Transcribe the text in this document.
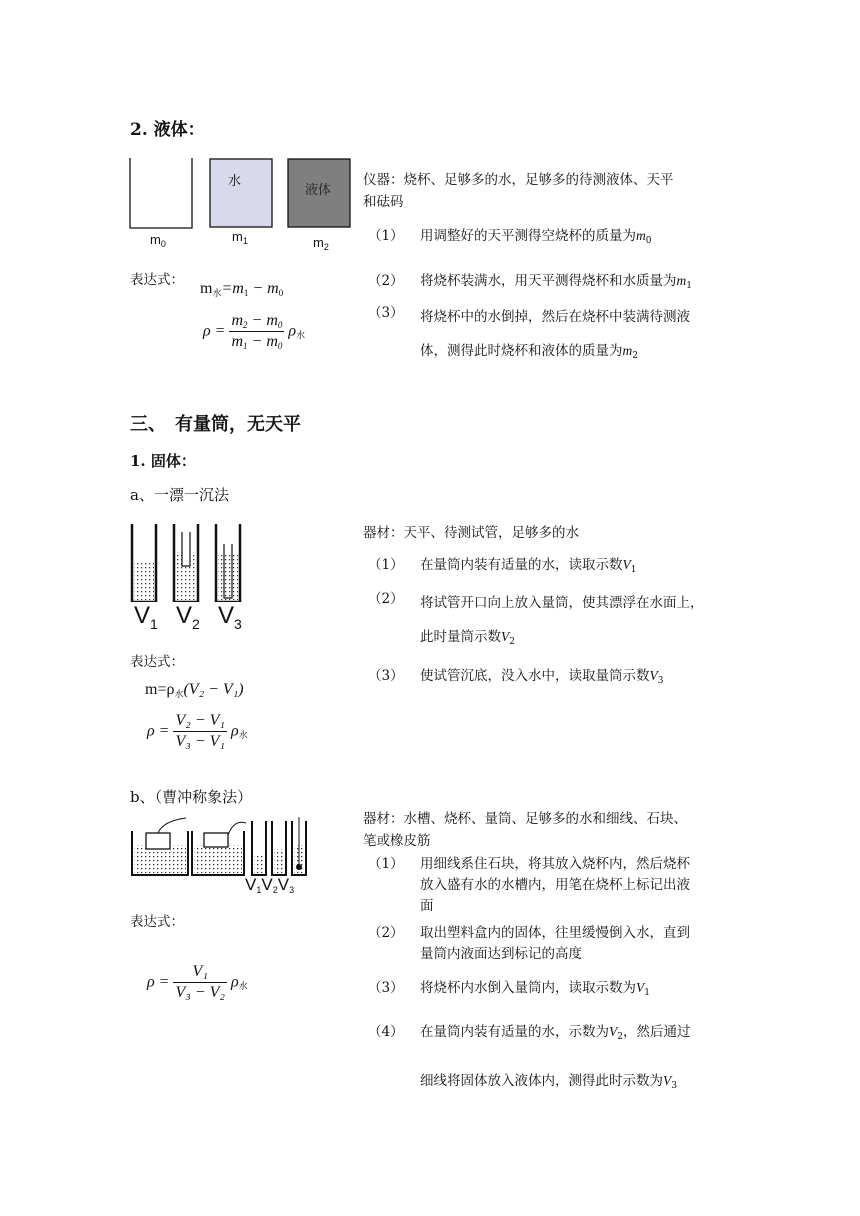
2. 液体：
水
液体
$m_0$	$m_1$	$m_2$
仪器：烧杯、足够多的水，足够多的待测液体、天平
和砝码
（1）	用调整好的天平测得空烧杯的质量为$m_0$
（2）	将烧杯装满水，用天平测得烧杯和水质量为$m_1$
（3）	将烧杯中的水倒掉，然后在烧杯中装满待测液
体，测得此时烧杯和液体的质量为$m_2$
表达式： $m_水=m_1 - m_0$
$\rho = \frac{m_2 - m_0}{m_1 - m_0} \rho_水$
三、　有量筒，无天平
1. 固体：
a、一漂一沉法
$V_1$ $V_2$ $V_3$
器材：天平、待测试管，足够多的水
（1）	在量筒内装有适量的水，读取示数$V_1$
（2）	将试管开口向上放入量筒，使其漂浮在水面上，
此时量筒示数$V_2$
（3）	使试管沉底，没入水中，读取量筒示数$V_3$
表达式：
$m=\rho_水(V_2 - V_1)$
$\rho = \frac{\text{V₂ − V₁}}{\text{V₃ − V₁}} \rho_水$
b、（曹冲称象法）
$V_1V_2V_3$
器材：水槽、烧杯、量筒、足够多的水和细线、石块、
笔或橡皮筋
（1） 用细线系住石块，将其放入烧杯内，然后烧杯
放入盛有水的水槽内，用笔在烧杯上标记出液
面
（2） 取出塑料盒内的固体，往里缓慢倒入水，直到
量筒内液面达到标记的高度
（3）	将烧杯内水倒入量筒内，读取示数为$V_1$
（4）	在量筒内装有适量的水，示数为$V_2$，然后通过
细线将固体放入液体内，测得此时示数为$V_3$
表达式：
$\rho = \frac{\text{V₁}}{\text{V₃ − V₂}} \rho_水$
